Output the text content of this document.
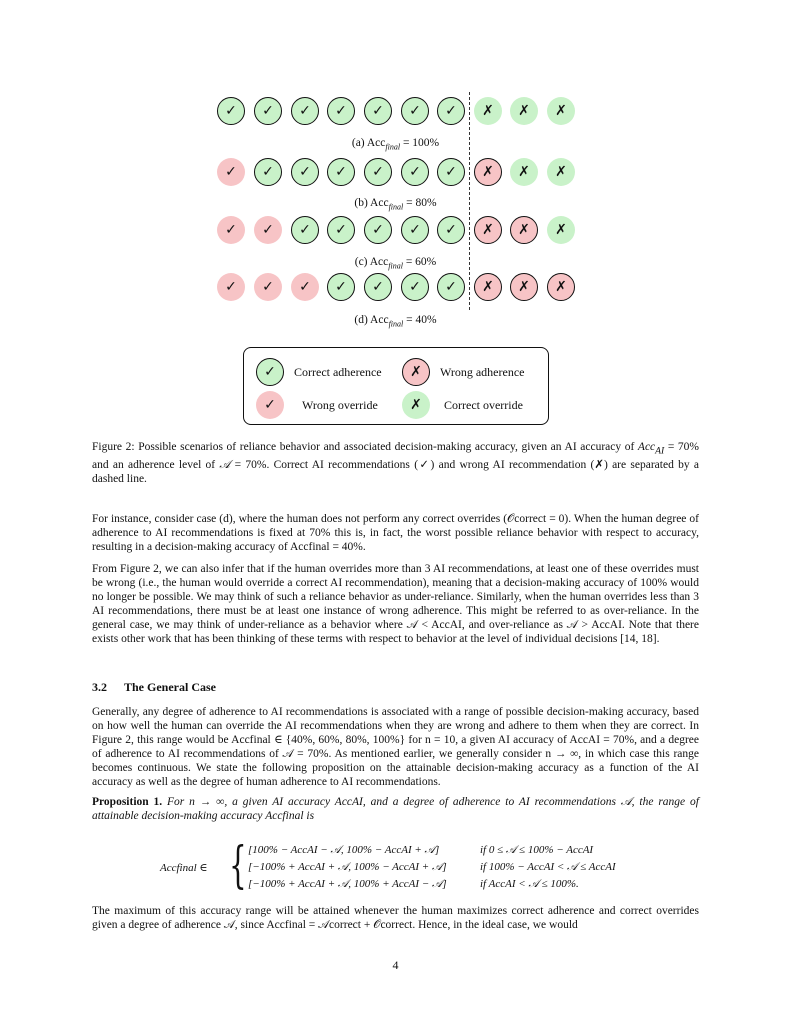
✓	✓	✓	✓	✓	✓	✓	✗	✗	✗
(a) Acc$_{final}$ = 100%
✓	✓	✓	✓	✓	✓	✓	✗	✗	✗
(b) Acc$_{final}$ = 80%
✓	✓	✓	✓	✓	✓	✓	✗	✗	✗
(c) Acc$_{final}$ = 60%
✓	✓	✓	✓	✓	✓	✓	✗	✗	✗
(d) Acc$_{final}$ = 40%
✓	Correct adherence	✗	Wrong adherence
✓	Wrong override	✗	Correct override

Figure 2: Possible scenarios of reliance behavior and associated decision-making accuracy, given an AI accuracy of Acc$_{AI}$ = 70% and an adherence level of 𝒜 = 70%. Correct AI recommendations (✓) and wrong AI recommendation (✗) are separated by a dashed line.

For instance, consider case (d), where the human does not perform any correct overrides (𝒪correct = 0). When the human degree of adherence to AI recommendations is fixed at 70% this is, in fact, the worst possible reliance behavior with respect to accuracy, resulting in a decision-making accuracy of Accfinal = 40%.

From Figure 2, we can also infer that if the human overrides more than 3 AI recommendations, at least one of these overrides must be wrong (i.e., the human would override a correct AI recommendation), meaning that a decision-making accuracy of 100% would no longer be possible. We may think of such a reliance behavior as under-reliance. Similarly, when the human overrides less than 3 AI recommendations, there must be at least one instance of wrong adherence. This might be referred to as over-reliance. In the general case, we may think of under-reliance as a behavior where 𝒜 < AccAI, and over-reliance as 𝒜 > AccAI. Note that there exists other work that has been thinking of these terms with respect to behavior at the level of individual decisions [14, 18].

3.2 The General Case

Generally, any degree of adherence to AI recommendations is associated with a range of possible decision-making accuracy, based on how well the human can override the AI recommendations when they are wrong and adhere to them when they are correct. In Figure 2, this range would be Accfinal ∈ {40%, 60%, 80%, 100%} for n = 10, a given AI accuracy of AccAI = 70%, and a degree of adherence to AI recommendations of 𝒜 = 70%. As mentioned earlier, we generally consider n → ∞, in which case this range becomes continuous. We state the following proposition on the attainable decision-making accuracy as a function of the AI accuracy as well as the degree of human adherence to AI recommendations.

Proposition 1. For n → ∞, a given AI accuracy AccAI, and a degree of adherence to AI recommendations 𝒜, the range of attainable decision-making accuracy Accfinal is

Accfinal ∈ { [100% − AccAI − 𝒜, 100% − AccAI + 𝒜]	if 0 ≤ 𝒜 ≤ 100% − AccAI
[−100% + AccAI + 𝒜, 100% − AccAI + 𝒜]	if 100% − AccAI < 𝒜 ≤ AccAI
[−100% + AccAI + 𝒜, 100% + AccAI − 𝒜]	if AccAI < 𝒜 ≤ 100%.

The maximum of this accuracy range will be attained whenever the human maximizes correct adherence and correct overrides given a degree of adherence 𝒜, since Accfinal = 𝒜correct + 𝒪correct. Hence, in the ideal case, we would

4
